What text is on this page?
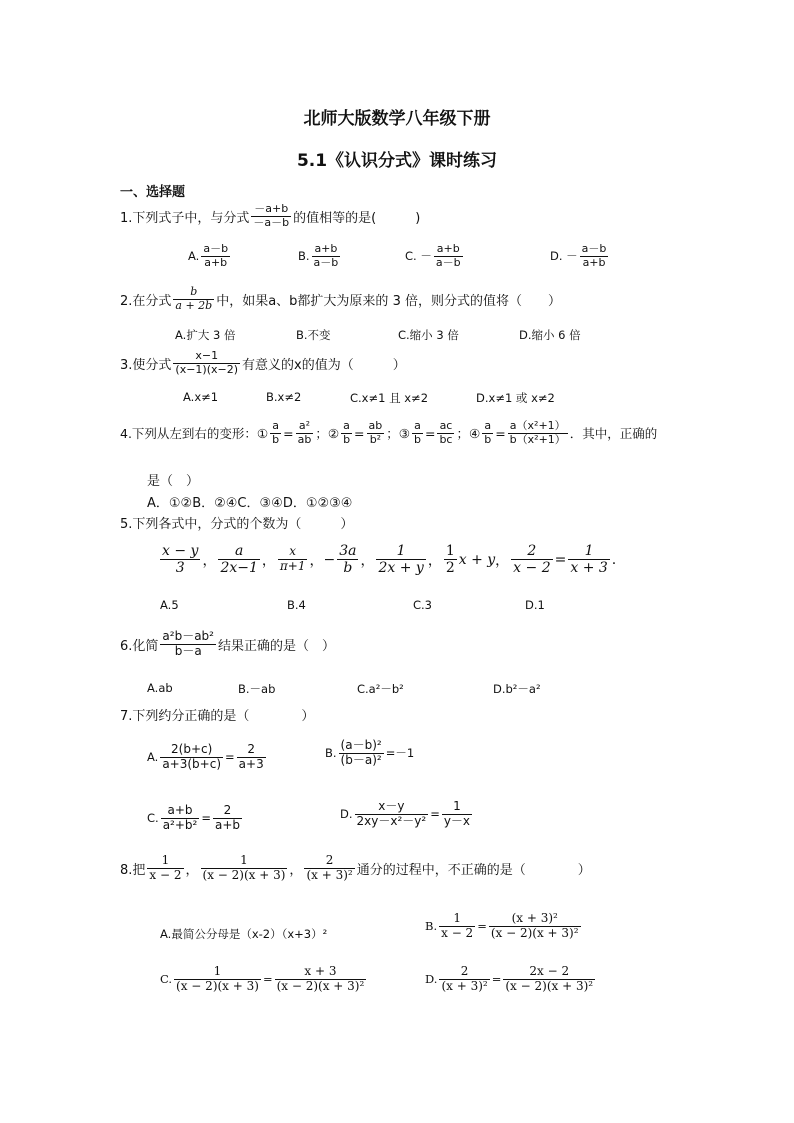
北师大版数学八年级下册
5.1《认识分式》课时练习
一、选择题
1.下列式子中，与分式 $\frac{-a+b}{-a-b}$ 的值相等的是(　　　)
A. $\frac{a-b}{a+b}$	B. $\frac{a+b}{a-b}$	C.
－ $\frac{a+b}{a-b}$	D.
－ $\frac{a-b}{a+b}$
2.在分式 $\frac{b}{a + 2b}$ 中，如果a、b都扩大为原来的 3 倍，则分式的值将（　　）
A.扩大 3 倍	B.不变	C.缩小 3 倍	D.缩小 6 倍
3.使分式 $\frac{x-1}{(x-1)(x-2)}$ 有意义的x的值为（　　　）
A.x≠1	B.x≠2	C.x≠1 且 x≠2	D.x≠1 或 x≠2
4.下列从左到右的变形：① $\frac{a}{b} = \frac{\text{a²}}{ab}$ ；② $\frac{a}{b} = \frac{ab}{\text{b²}}$ ；③ $\frac{a}{b} = \frac{ac}{bc}$ ；④ $\frac{a}{b} = \frac{\text{a（x²+1）}}{\text{b（x²+1）}}$ ．其中，正确的
是（　）
A．①②B．②④C．③④D．①②③④
5.下列各式中，分式的个数为（　　　）
$\frac{x - y}{3}$ ， $\frac{a}{2x-1}$ ， $\frac{x}{\pi+1}$ ， − $\frac{3a}{b}$ ， $\frac{1}{2x + y}$ ， $\frac{1}{2}$ x + y ， $\frac{2}{x - 2} = \frac{1}{x + 3}$ .
A.5	B.4	C.3	D.1
6.化简 $\frac{\text{a²b－ab²}}{b-a}$ 结果正确的是（　）
A.ab	B.－ab	C.a²－b²	D.b²－a²
7.下列约分正确的是（　　　　）
A. $\frac{2(b+c)}{a+3(b+c)} = \frac{2}{a+3}$	B. $\frac{\text{(a－b)²}}{\text{(b－a)²}} =-1$
C. $\frac{a+b}{\text{a²+b²}} = \frac{2}{a+b}$	D. $\frac{x-y}{\text{2xy－x²－y²}} = \frac{1}{y-x}$
8.把 $\frac{1}{x - 2}$ ， $\frac{1}{(x - 2)(x + 3)}$ ， $\frac{2}{\text{(x + 3)²}}$ 通分的过程中，不正确的是（　　　　）
A.最简公分母是（x-2）（x+3）²
B. $\frac{1}{x - 2} = \frac{\text{(x + 3)²}}{\text{(x − 2)(x + 3)²}}$
C. $\frac{1}{(x - 2)(x + 3)} = \frac{x + 3}{\text{(x − 2)(x + 3)²}}$	D. $\frac{2}{\text{(x + 3)²}} = \frac{2x - 2}{\text{(x − 2)(x + 3)²}}$
